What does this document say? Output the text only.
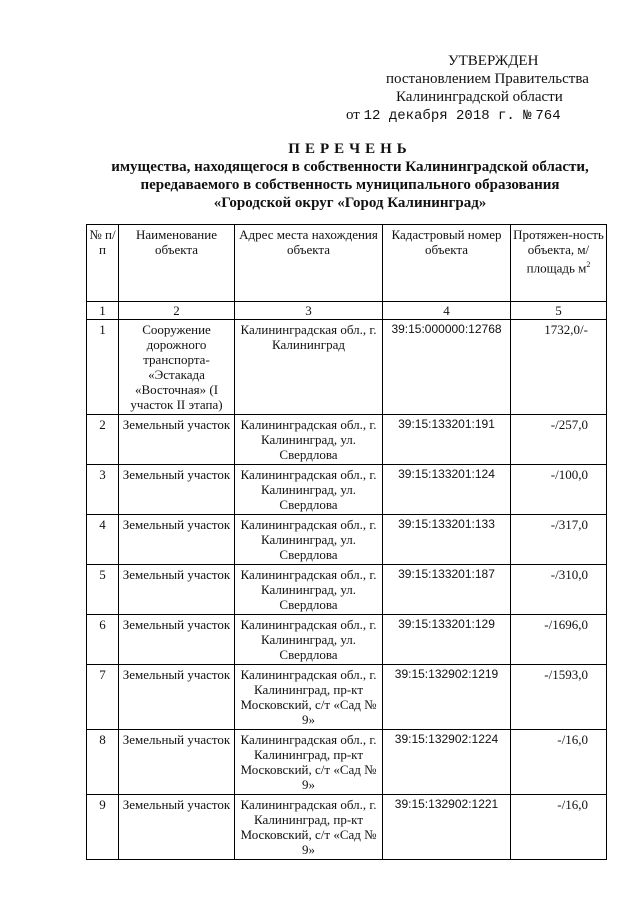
УТВЕРЖДЕН
постановлением Правительства
Калининградской области
от 12 декабря 2018 г. № 764
ПЕРЕЧЕНЬ
имущества, находящегося в собственности Калининградской области,
передаваемого в собственность муниципального образования
«Городской округ «Город Калининград»
№ п/п	Наименование объекта	Адрес места нахождения объекта	Кадастровый номер объекта	Протяжен-ность объекта, м/ площадь $м^2$
1	2	3	4	5
1	Сооружение дорожного транспорта- «Эстакада «Восточная» (I участок II этапа)	Калининградская обл., г. Калининград	39:15:000000:12768	1732,0/-
2	Земельный участок	Калининградская обл., г. Калининград, ул. Свердлова	39:15:133201:191	-/257,0
3	Земельный участок	Калининградская обл., г. Калининград, ул. Свердлова	39:15:133201:124	-/100,0
4	Земельный участок	Калининградская обл., г. Калининград, ул. Свердлова	39:15:133201:133	-/317,0
5	Земельный участок	Калининградская обл., г. Калининград, ул. Свердлова	39:15:133201:187	-/310,0
6	Земельный участок	Калининградская обл., г. Калининград, ул. Свердлова	39:15:133201:129	-/1696,0
7	Земельный участок	Калининградская обл., г. Калининград, пр-кт Московский, с/т «Сад № 9»	39:15:132902:1219	-/1593,0
8	Земельный участок	Калининградская обл., г. Калининград, пр-кт Московский, с/т «Сад № 9»	39:15:132902:1224	-/16,0
9	Земельный участок	Калининградская обл., г. Калининград, пр-кт Московский, с/т «Сад № 9»	39:15:132902:1221	-/16,0
